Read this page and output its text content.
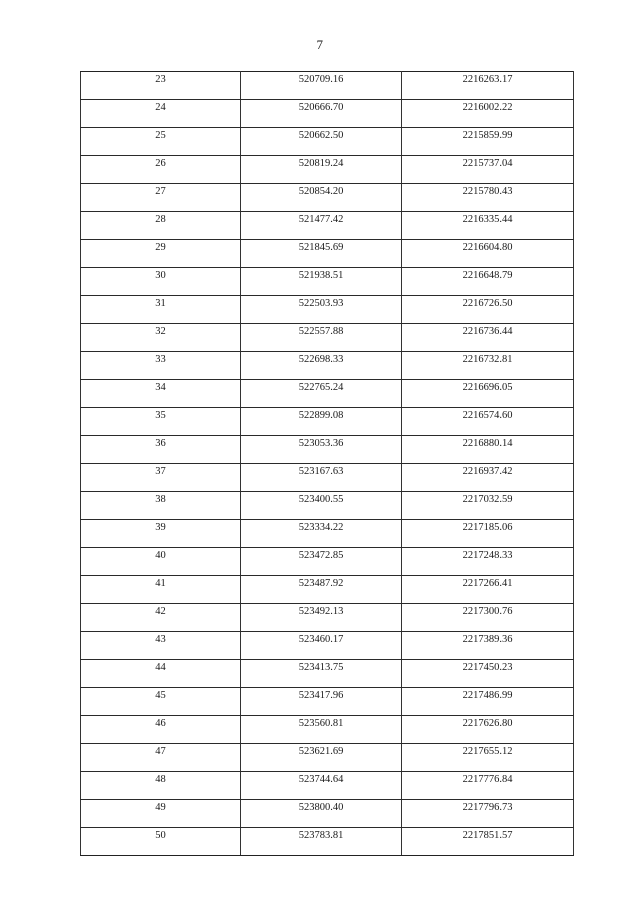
7
23	520709.16	2216263.17
24	520666.70	2216002.22
25	520662.50	2215859.99
26	520819.24	2215737.04
27	520854.20	2215780.43
28	521477.42	2216335.44
29	521845.69	2216604.80
30	521938.51	2216648.79
31	522503.93	2216726.50
32	522557.88	2216736.44
33	522698.33	2216732.81
34	522765.24	2216696.05
35	522899.08	2216574.60
36	523053.36	2216880.14
37	523167.63	2216937.42
38	523400.55	2217032.59
39	523334.22	2217185.06
40	523472.85	2217248.33
41	523487.92	2217266.41
42	523492.13	2217300.76
43	523460.17	2217389.36
44	523413.75	2217450.23
45	523417.96	2217486.99
46	523560.81	2217626.80
47	523621.69	2217655.12
48	523744.64	2217776.84
49	523800.40	2217796.73
50	523783.81	2217851.57
